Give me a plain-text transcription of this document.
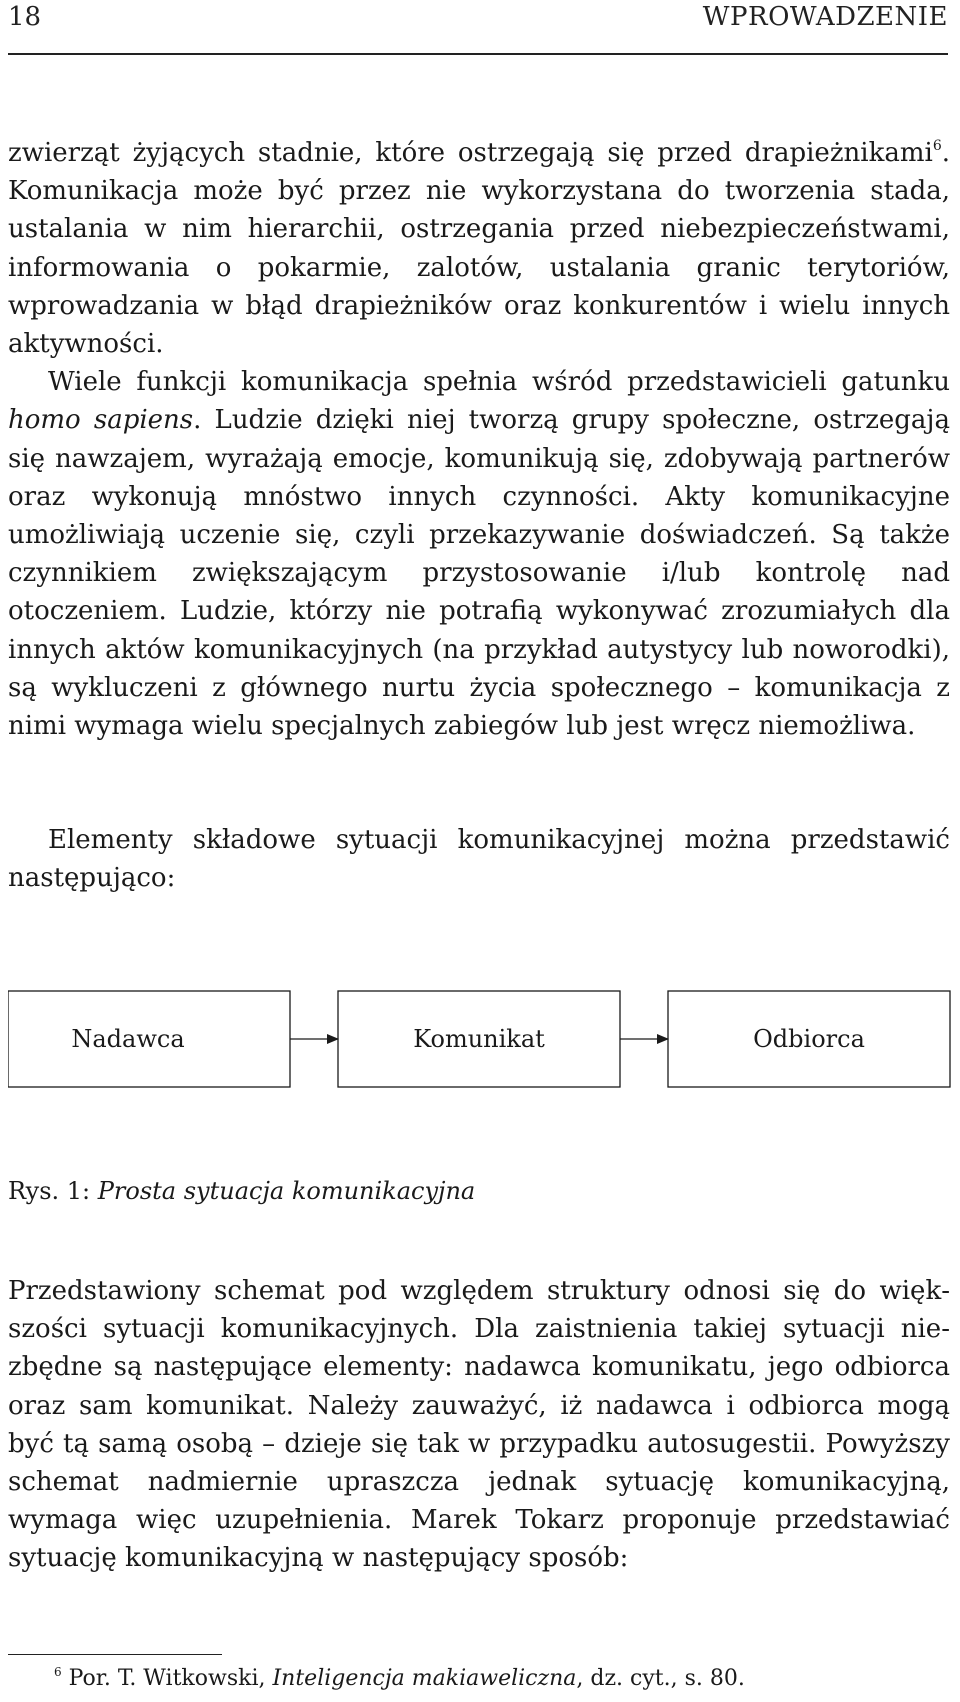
18	WPROWADZENIE

zwierząt żyjących stadnie, które ostrzegają się przed drapieżnikami$^6$. Komunikacja może być przez nie wykorzystana do tworzenia stada, ustalania w nim hierarchii, ostrzegania przed niebezpieczeństwami, informowania o pokarmie, zalotów, ustalania granic terytoriów, wprowadzania w błąd drapieżników oraz konkurentów i wielu innych aktywności.

Wiele funkcji komunikacja spełnia wśród przedstawicieli gatunku homo sapiens. Ludzie dzięki niej tworzą grupy społeczne, ostrzegają się nawzajem, wyrażają emocje, komunikują się, zdobywają partnerów oraz wykonują mnóstwo innych czynności. Akty komunikacyjne umożliwiają uczenie się, czyli przekazywanie doświadczeń. Są także czynnikiem zwiększającym przystosowanie i/lub kontrolę nad otoczeniem. Ludzie, którzy nie potrafią wykonywać zrozumiałych dla innych aktów komunikacyjnych (na przykład autystycy lub noworodki), są wykluczeni z głównego nurtu życia społecznego – komunikacja z nimi wymaga wielu specjalnych zabiegów lub jest wręcz niemożliwa.

Elementy składowe sytuacji komunikacyjnej można przedstawić następująco:

Nadawca	Komunikat	Odbiorca
Rys. 1: Prosta sytuacja komunikacyjna

Przedstawiony schemat pod względem struktury odnosi się do większości sytuacji komunikacyjnych. Dla zaistnienia takiej sytuacji niezbędne są następujące elementy: nadawca komunikatu, jego odbiorca oraz sam komunikat. Należy zauważyć, iż nadawca i odbiorca mogą być tą samą osobą – dzieje się tak w przypadku autosugestii. Powyższy schemat nadmiernie upraszcza jednak sytuację komunikacyjną, wymaga więc uzupełnienia. Marek Tokarz proponuje przedstawiać sytuację komunikacyjną w następujący sposób:

$^6$ Por. T. Witkowski, Inteligencja makiaweliczna, dz. cyt., s. 80.
